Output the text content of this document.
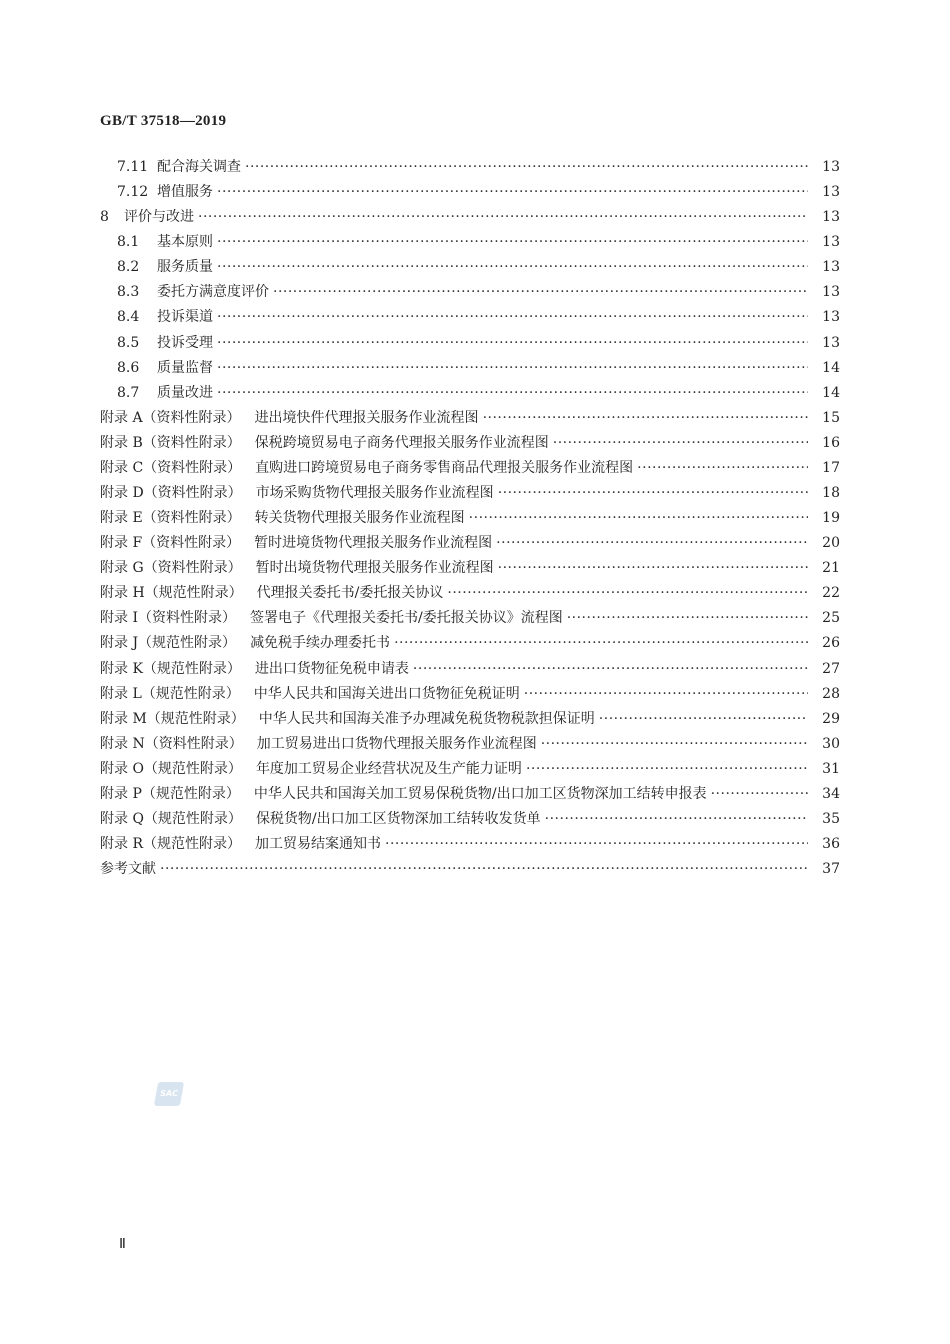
GB/T 37518—2019
7.11 配合海关调查 ·····	13
7.12 增值服务 ·····	13
8	评价与改进 ·····	13
8.1	基本原则 ·····	13
8.2	服务质量 ·····	13
8.3	委托方满意度评价 ·····	13
8.4	投诉渠道 ·····	13
8.5	投诉受理 ·····	13
8.6	质量监督 ·····	14
8.7	质量改进 ·····	14
附录 A（资料性附录） 进出境快件代理报关服务作业流程图 ·····	15
附录 B（资料性附录） 保税跨境贸易电子商务代理报关服务作业流程图 ·····	16
附录 C（资料性附录） 直购进口跨境贸易电子商务零售商品代理报关服务作业流程图 ·····	17
附录 D（资料性附录） 市场采购货物代理报关服务作业流程图 ·····	18
附录 E（资料性附录） 转关货物代理报关服务作业流程图 ·····	19
附录 F（资料性附录） 暂时进境货物代理报关服务作业流程图 ·····	20
附录 G（资料性附录） 暂时出境货物代理报关服务作业流程图 ·····	21
附录 H（规范性附录） 代理报关委托书/委托报关协议 ·····	22
附录 I（资料性附录） 签署电子《代理报关委托书/委托报关协议》流程图 ·····	25
附录 J（规范性附录） 减免税手续办理委托书 ·····	26
附录 K（规范性附录） 进出口货物征免税申请表 ·····	27
附录 L（规范性附录） 中华人民共和国海关进出口货物征免税证明 ·····	28
附录 M（规范性附录） 中华人民共和国海关准予办理减免税货物税款担保证明 ·····	29
附录 N（资料性附录） 加工贸易进出口货物代理报关服务作业流程图 ·····	30
附录 O（规范性附录） 年度加工贸易企业经营状况及生产能力证明 ·····	31
附录 P（规范性附录） 中华人民共和国海关加工贸易保税货物/出口加工区货物深加工结转申报表 ·····	34
附录 Q（规范性附录） 保税货物/出口加工区货物深加工结转收发货单 ·····	35
附录 R（规范性附录） 加工贸易结案通知书 ·····	36
参考文献 ·····	37
SAC
Ⅱ
